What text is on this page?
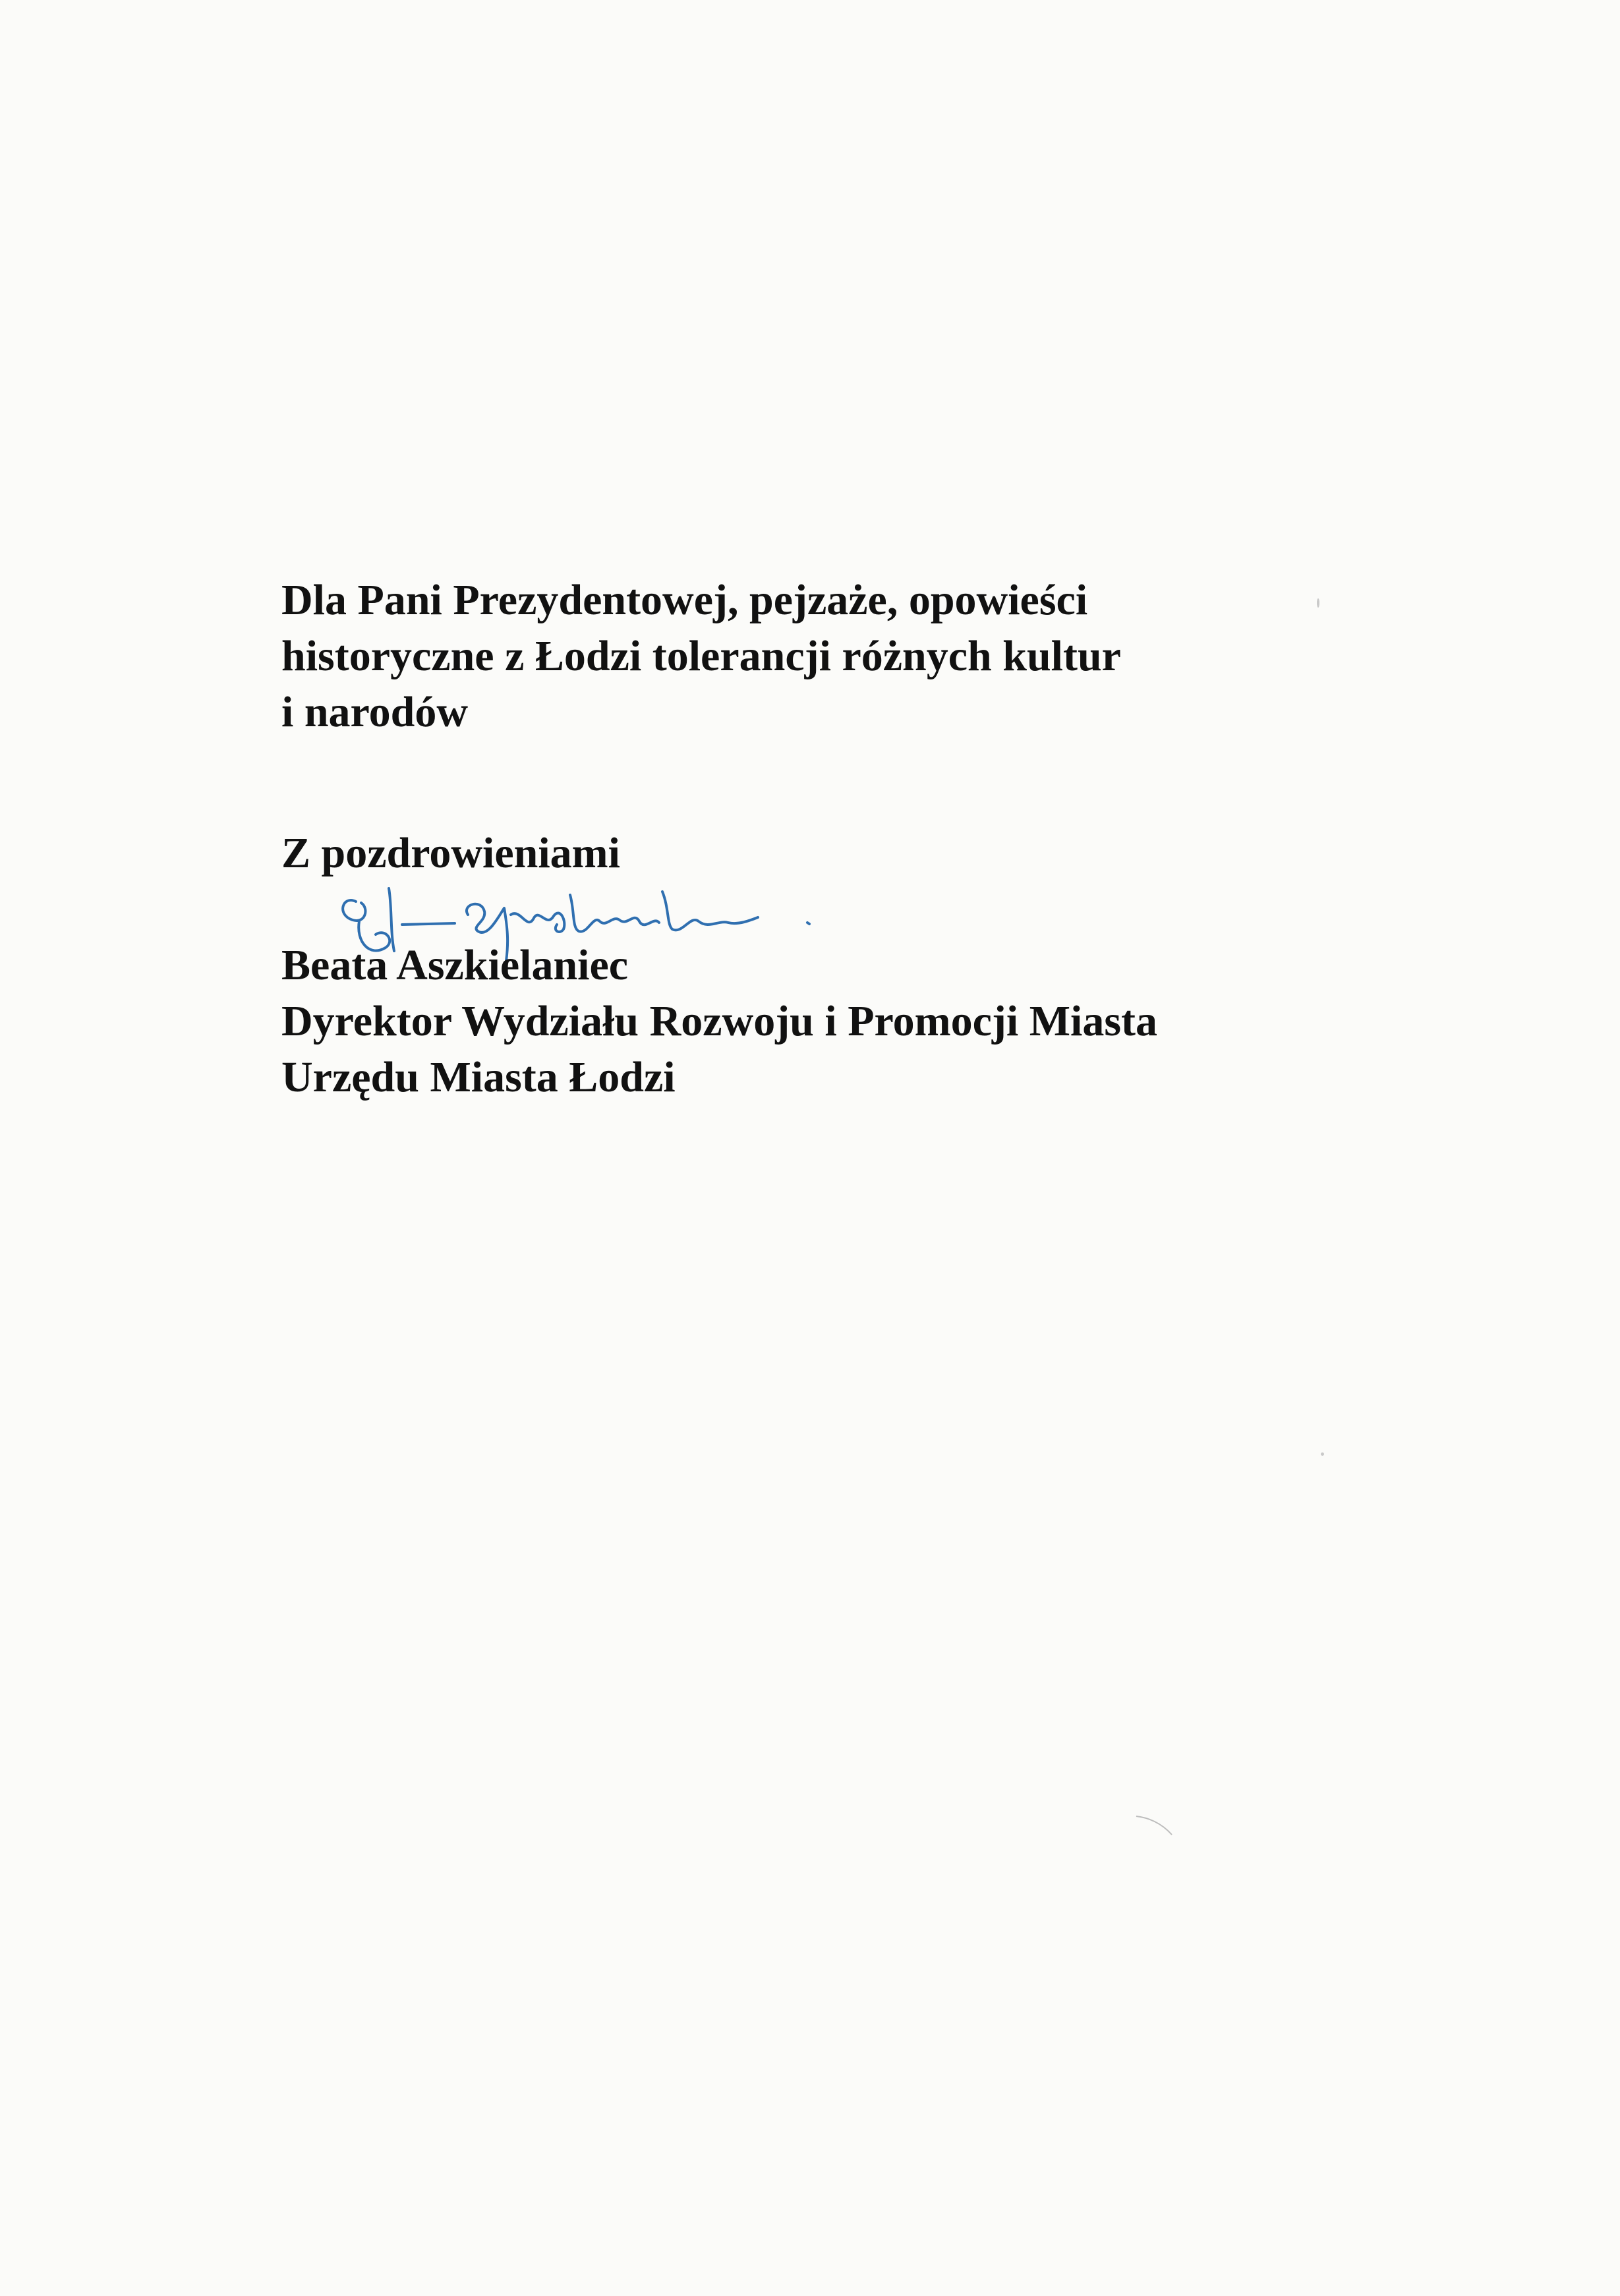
Dla Pani Prezydentowej, pejzaże, opowieści
historyczne z Łodzi tolerancji różnych kultur
i narodów
Z pozdrowieniami
Beata Aszkielaniec
Dyrektor Wydziału Rozwoju i Promocji Miasta
Urzędu Miasta Łodzi
